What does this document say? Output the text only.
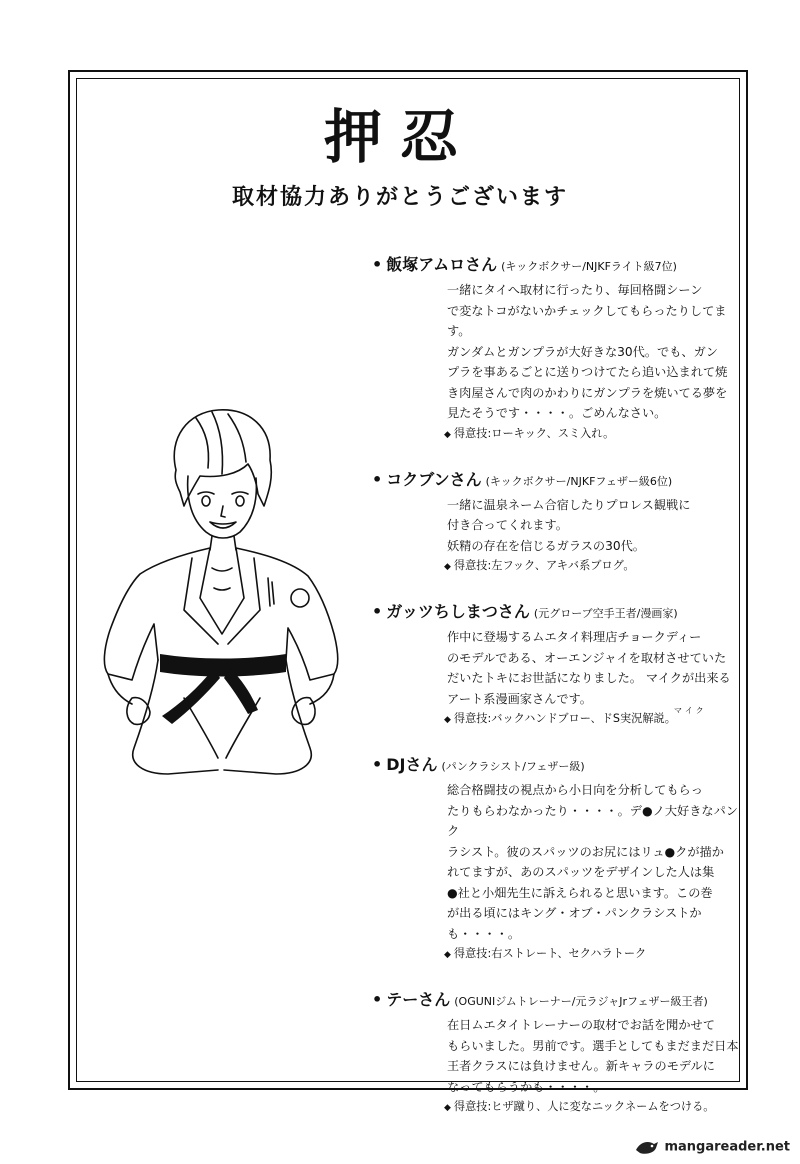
押忍
取材協力ありがとうございます
• 飯塚アムロさん (キックボクサー/NJKFライト級7位)
一緒にタイへ取材に行ったり、毎回格闘シーン
で変なトコがないかチェックしてもらったりしてます。
ガンダムとガンプラが大好きな30代。でも、ガン
プラを事あるごとに送りつけてたら追い込まれて焼
き肉屋さんで肉のかわりにガンプラを焼いてる夢を
見たそうです・・・・。ごめんなさい。
◆ 得意技:ローキック、スミ入れ。
• コクブンさん (キックボクサー/NJKFフェザー級6位)
一緒に温泉ネーム合宿したりプロレス観戦に
付き合ってくれます。
妖精の存在を信じるガラスの30代。
◆ 得意技:左フック、アキバ系ブログ。
• ガッツちしまつさん (元グローブ空手王者/漫画家)
作中に登場するムエタイ料理店チョークディー
のモデルである、オーエンジャイを取材させていた
だいたトキにお世話になりました。 マイクが出来る
アート系漫画家さんです。
マイク
◆ 得意技:バックハンドブロー、ドS実況解説。
• DJさん (パンクラシスト/フェザー級)
総合格闘技の視点から小日向を分析してもらっ
たりもらわなかったり・・・・。デ●ノ大好きなパンク
ラシスト。彼のスパッツのお尻にはリュ●クが描か
れてますが、あのスパッツをデザインした人は集
●社と小畑先生に訴えられると思います。この巻
が出る頃にはキング・オブ・パンクラシストかも・・・・。
◆ 得意技:右ストレート、セクハラトーク
• テーさん (OGUNIジムトレーナー/元ラジャJrフェザー級王者)
在日ムエタイトレーナーの取材でお話を聞かせて
もらいました。男前です。選手としてもまだまだ日本
王者クラスには負けません。新キャラのモデルに
なってもらうかも・・・・。
◆ 得意技:ヒザ蹴り、人に変なニックネームをつける。
mangareader.net
